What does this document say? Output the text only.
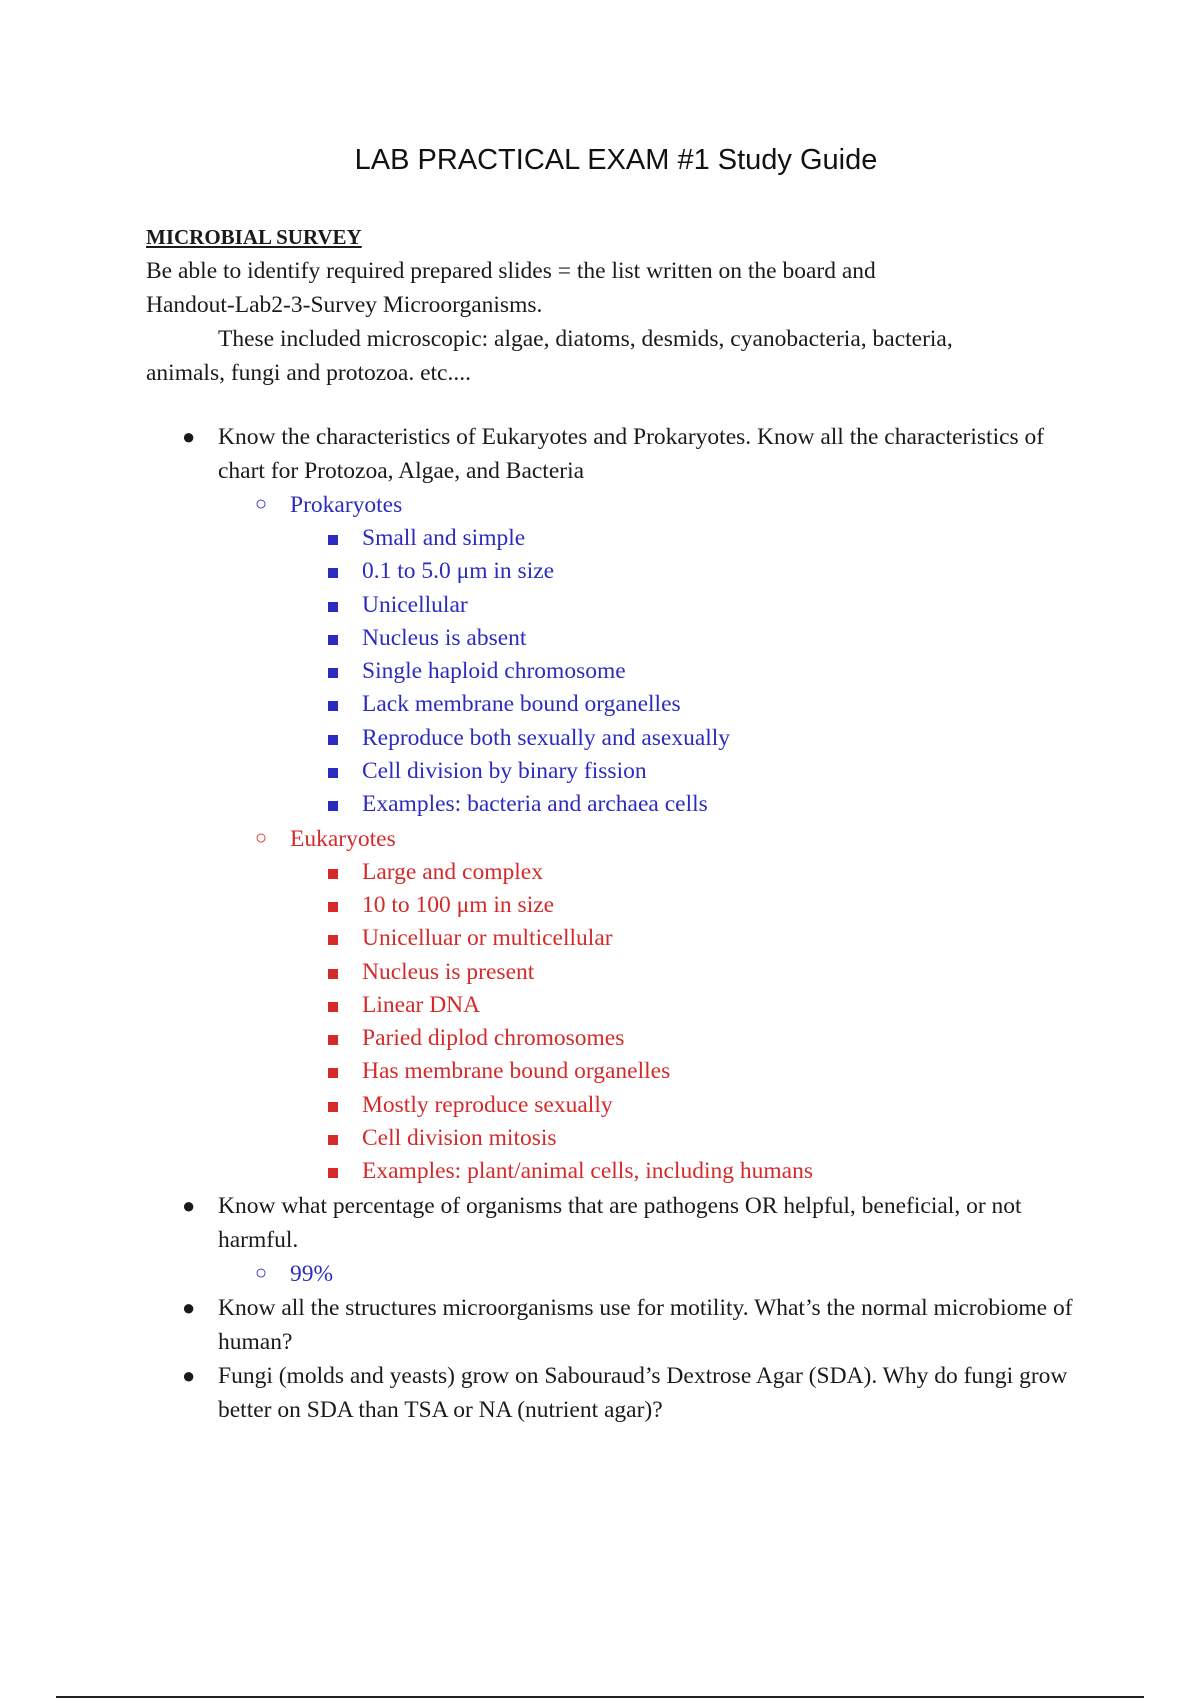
LAB PRACTICAL EXAM #1 Study Guide
MICROBIAL SURVEY

Be able to identify required prepared slides = the list written on the board and

Handout-Lab2-3-Survey Microorganisms.

These included microscopic: algae, diatoms, desmids, cyanobacteria, bacteria,

animals, fungi and protozoa. etc....

● Know the characteristics of Eukaryotes and Prokaryotes. Know all the characteristics of chart for Protozoa, Algae, and Bacteria
○ Prokaryotes
Small and simple
0.1 to 5.0 μm in size
Unicellular
Nucleus is absent
Single haploid chromosome
Lack membrane bound organelles
Reproduce both sexually and asexually
Cell division by binary fission
Examples: bacteria and archaea cells
○ Eukaryotes
Large and complex
10 to 100 μm in size
Unicelluar or multicellular
Nucleus is present
Linear DNA
Paried diplod chromosomes
Has membrane bound organelles
Mostly reproduce sexually
Cell division mitosis
Examples: plant/animal cells, including humans
● Know what percentage of organisms that are pathogens OR helpful, beneficial, or not harmful.
○ 99%
● Know all the structures microorganisms use for motility. What’s the normal microbiome of human?
● Fungi (molds and yeasts) grow on Sabouraud’s Dextrose Agar (SDA). Why do fungi grow better on SDA than TSA or NA (nutrient agar)?
